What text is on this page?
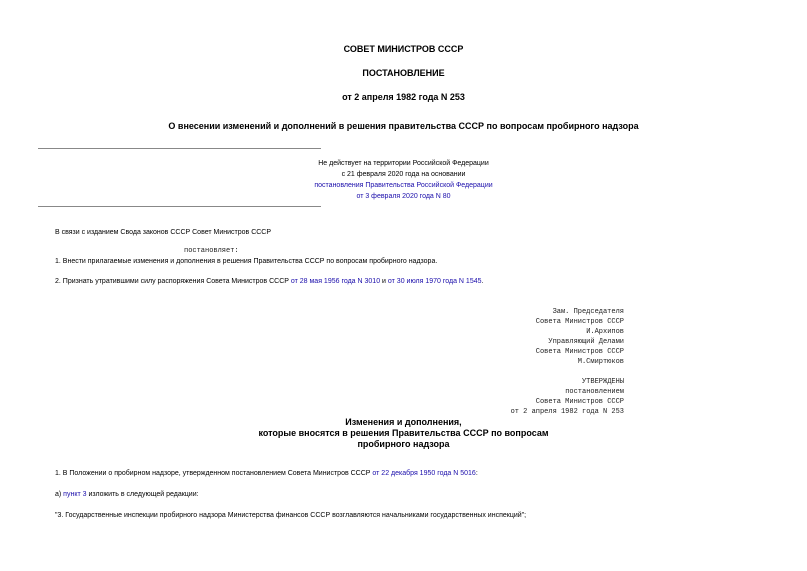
СОВЕТ МИНИСТРОВ СССР
ПОСТАНОВЛЕНИЕ
от 2 апреля 1982 года N 253
О внесении изменений и дополнений в решения правительства СССР по вопросам пробирного надзора
Не действует на территории Российской Федерации
с 21 февраля 2020 года на основании
постановления Правительства Российской Федерации
от 3 февраля 2020 года N 80
В связи с изданием Свода законов СССР Совет Министров СССР
постановляет:
1. Внести прилагаемые изменения и дополнения в решения Правительства СССР по вопросам пробирного надзора.
2. Признать утратившими силу распоряжения Совета Министров СССР от 28 мая 1956 года N 3010 и от 30 июля 1970 года N 1545.
Зам. Председателя
Совета Министров СССР
И.Архипов
Управляющий Делами
Совета Министров СССР
М.Смиртюков
УТВЕРЖДЕНЫ
постановлением
Совета Министров СССР
от 2 апреля 1982 года N 253
Изменения и дополнения,
которые вносятся в решения Правительства СССР по вопросам
пробирного надзора
1. В Положении о пробирном надзоре, утвержденном постановлением Совета Министров СССР от 22 декабря 1950 года N 5016:
а) пункт 3 изложить в следующей редакции:
"3. Государственные инспекции пробирного надзора Министерства финансов СССР возглавляются начальниками государственных инспекций";
